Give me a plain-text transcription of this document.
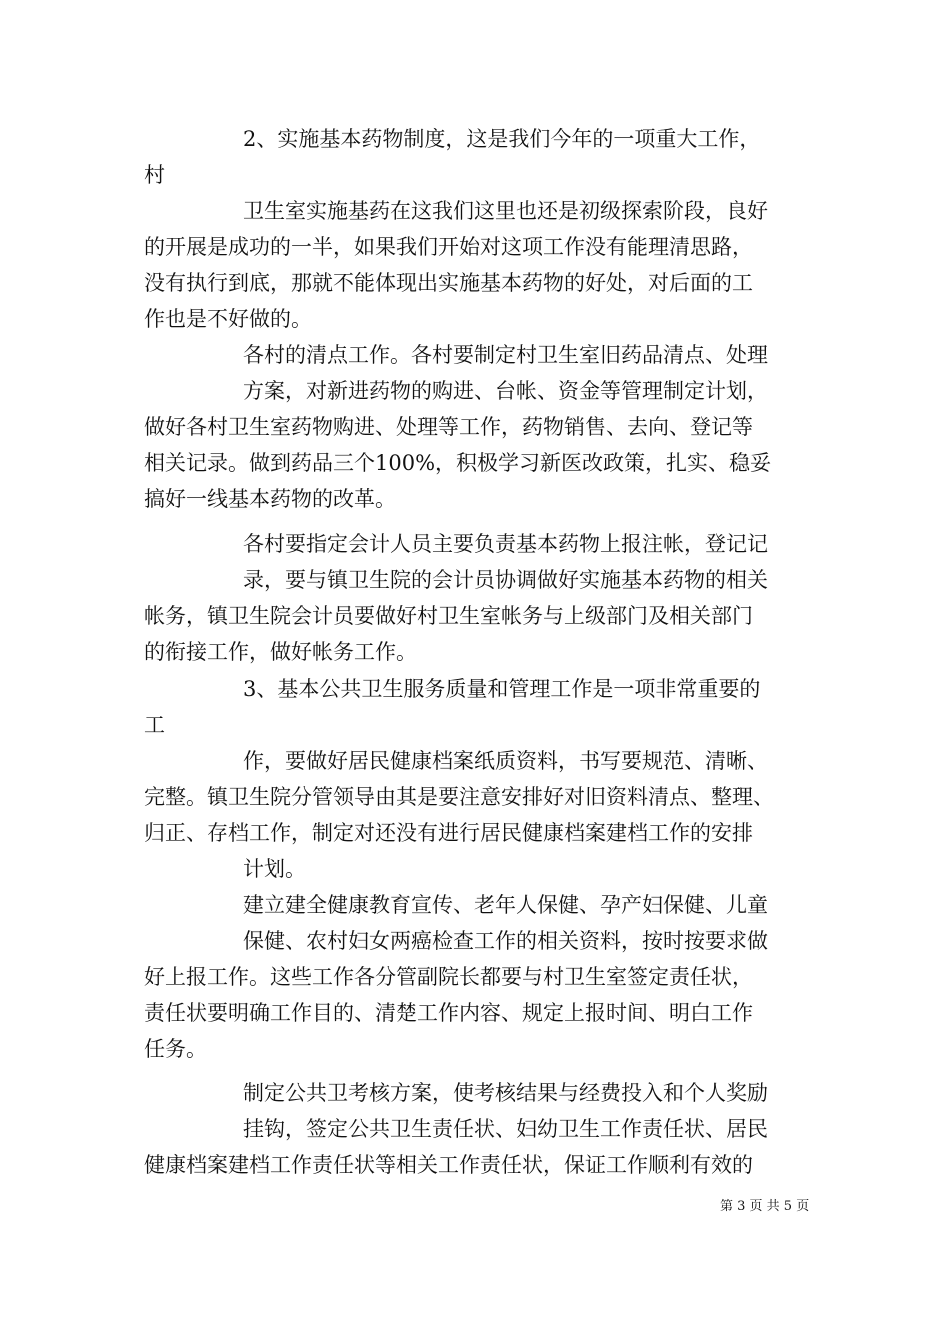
2、实施基本药物制度，这是我们今年的一项重大工作，
村
卫生室实施基药在这我们这里也还是初级探索阶段，良好
的开展是成功的一半，如果我们开始对这项工作没有能理清思路，
没有执行到底，那就不能体现出实施基本药物的好处，对后面的工
作也是不好做的。
各村的清点工作。各村要制定村卫生室旧药品清点、处理
方案，对新进药物的购进、台帐、资金等管理制定计划，
做好各村卫生室药物购进、处理等工作，药物销售、去向、登记等
相关记录。做到药品三个100%，积极学习新医改政策，扎实、稳妥
搞好一线基本药物的改革。
各村要指定会计人员主要负责基本药物上报注帐，登记记
录，要与镇卫生院的会计员协调做好实施基本药物的相关
帐务，镇卫生院会计员要做好村卫生室帐务与上级部门及相关部门
的衔接工作，做好帐务工作。
3、基本公共卫生服务质量和管理工作是一项非常重要的
工
作，要做好居民健康档案纸质资料，书写要规范、清晰、
完整。镇卫生院分管领导由其是要注意安排好对旧资料清点、整理、
归正、存档工作，制定对还没有进行居民健康档案建档工作的安排
计划。
建立建全健康教育宣传、老年人保健、孕产妇保健、儿童
保健、农村妇女两癌检查工作的相关资料，按时按要求做
好上报工作。这些工作各分管副院长都要与村卫生室签定责任状，
责任状要明确工作目的、清楚工作内容、规定上报时间、明白工作
任务。
制定公共卫考核方案，使考核结果与经费投入和个人奖励
挂钩，签定公共卫生责任状、妇幼卫生工作责任状、居民
健康档案建档工作责任状等相关工作责任状，保证工作顺利有效的
第 3 页 共 5 页
